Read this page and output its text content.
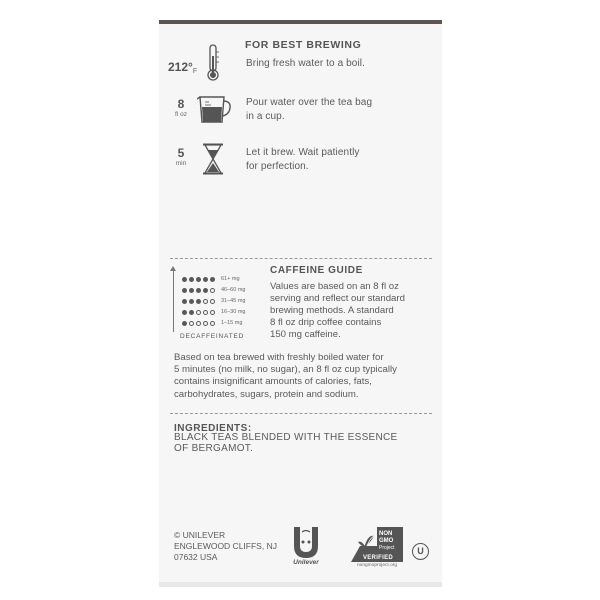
FOR BEST BREWING
212°F
Bring fresh water to a boil.
8
fl oz
Pour water over the tea bag
in a cup.
5
min
Let it brew. Wait patiently
for perfection.
61+ mg
46–60 mg
31–45 mg
16–30 mg
1–15 mg
DECAFFEINATED
CAFFEINE GUIDE
Values are based on an 8 fl oz
serving and reflect our standard
brewing methods. A standard
8 fl oz drip coffee contains
150 mg caffeine.
Based on tea brewed with freshly boiled water for
5 minutes (no milk, no sugar), an 8 fl oz cup typically
contains insignificant amounts of calories, fats,
carbohydrates, sugars, protein and sodium.
INGREDIENTS:
BLACK TEAS BLENDED WITH THE ESSENCE
OF BERGAMOT.
© UNILEVER
ENGLEWOOD CLIFFS, NJ
07632 USA
Unilever
NON
GMO
Project
VERIFIED
nongmoproject.org
U
